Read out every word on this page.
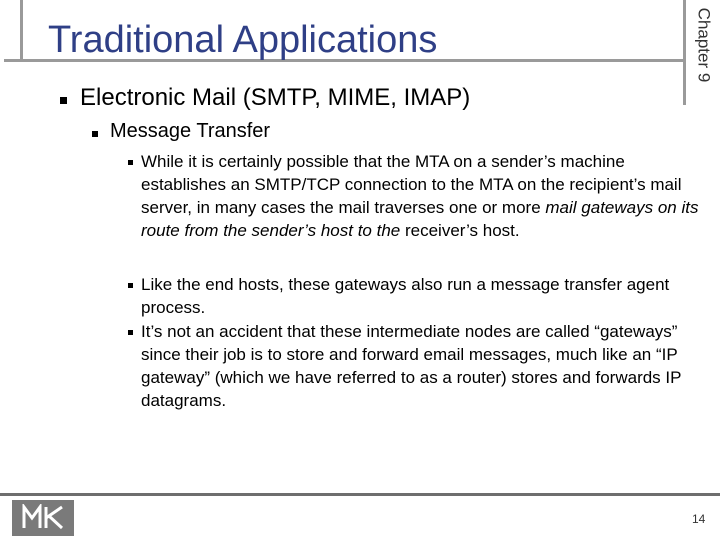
Chapter 9
Traditional Applications
Electronic Mail (SMTP, MIME, IMAP)
Message Transfer
While it is certainly possible that the MTA on a sender’s machine establishes an SMTP/TCP connection to the MTA on the recipient’s mail server, in many cases the mail traverses one or more mail gateways on its route from the sender’s host to the receiver’s host.
Like the end hosts, these gateways also run a message transfer agent process.
It’s not an accident that these intermediate nodes are called “gateways” since their job is to store and forward email messages, much like an “IP gateway” (which we have referred to as a router) stores and forwards IP datagrams.
14
